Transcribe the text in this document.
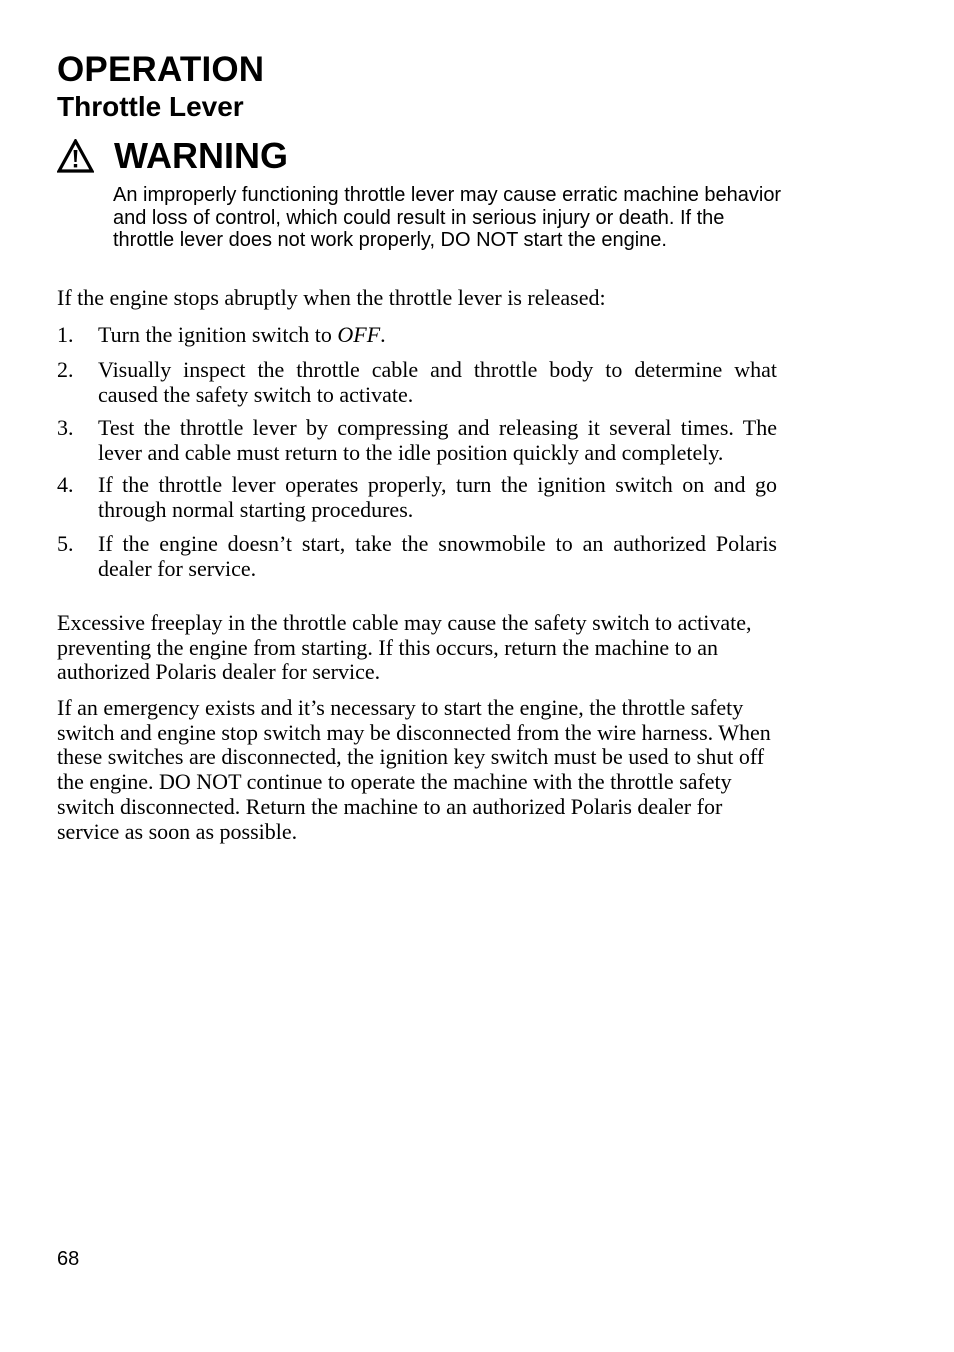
OPERATION
Throttle Lever
WARNING

An improperly functioning throttle lever may cause erratic machine behavior and loss of control, which could result in serious injury or death. If the throttle lever does not work properly, DO NOT start the engine.

If the engine stops abruptly when the throttle lever is released:

1. Turn the ignition switch to OFF.
2. Visually inspect the throttle cable and throttle body to determine what caused the safety switch to activate.
3. Test the throttle lever by compressing and releasing it several times. The lever and cable must return to the idle position quickly and completely.
4. If the throttle lever operates properly, turn the ignition switch on and go through normal starting procedures.
5. If the engine doesn’t start, take the snowmobile to an authorized Polaris dealer for service.

Excessive freeplay in the throttle cable may cause the safety switch to activate, preventing the engine from starting. If this occurs, return the machine to an authorized Polaris dealer for service.

If an emergency exists and it’s necessary to start the engine, the throttle safety switch and engine stop switch may be disconnected from the wire harness. When these switches are disconnected, the ignition key switch must be used to shut off the engine. DO NOT continue to operate the machine with the throttle safety switch disconnected. Return the machine to an authorized Polaris dealer for service as soon as possible.

68
